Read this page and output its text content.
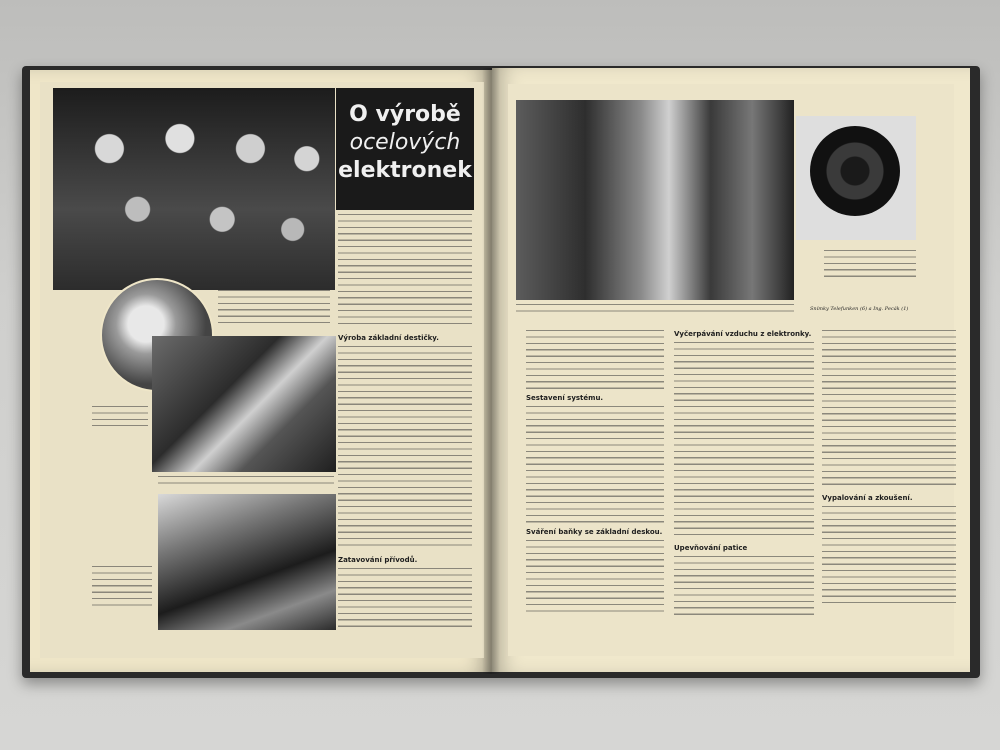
O výrobě
ocelových
elektronek
Výroba základní destičky.
Zatavování přívodů.
Snímky Telefunken (6) a Ing. Pecák (1)
Sestavení systému.
Sváření baňky se základní deskou.
Vyčerpávání vzduchu z elektronky.
Upevňování patice
Vypalování a zkoušení.
